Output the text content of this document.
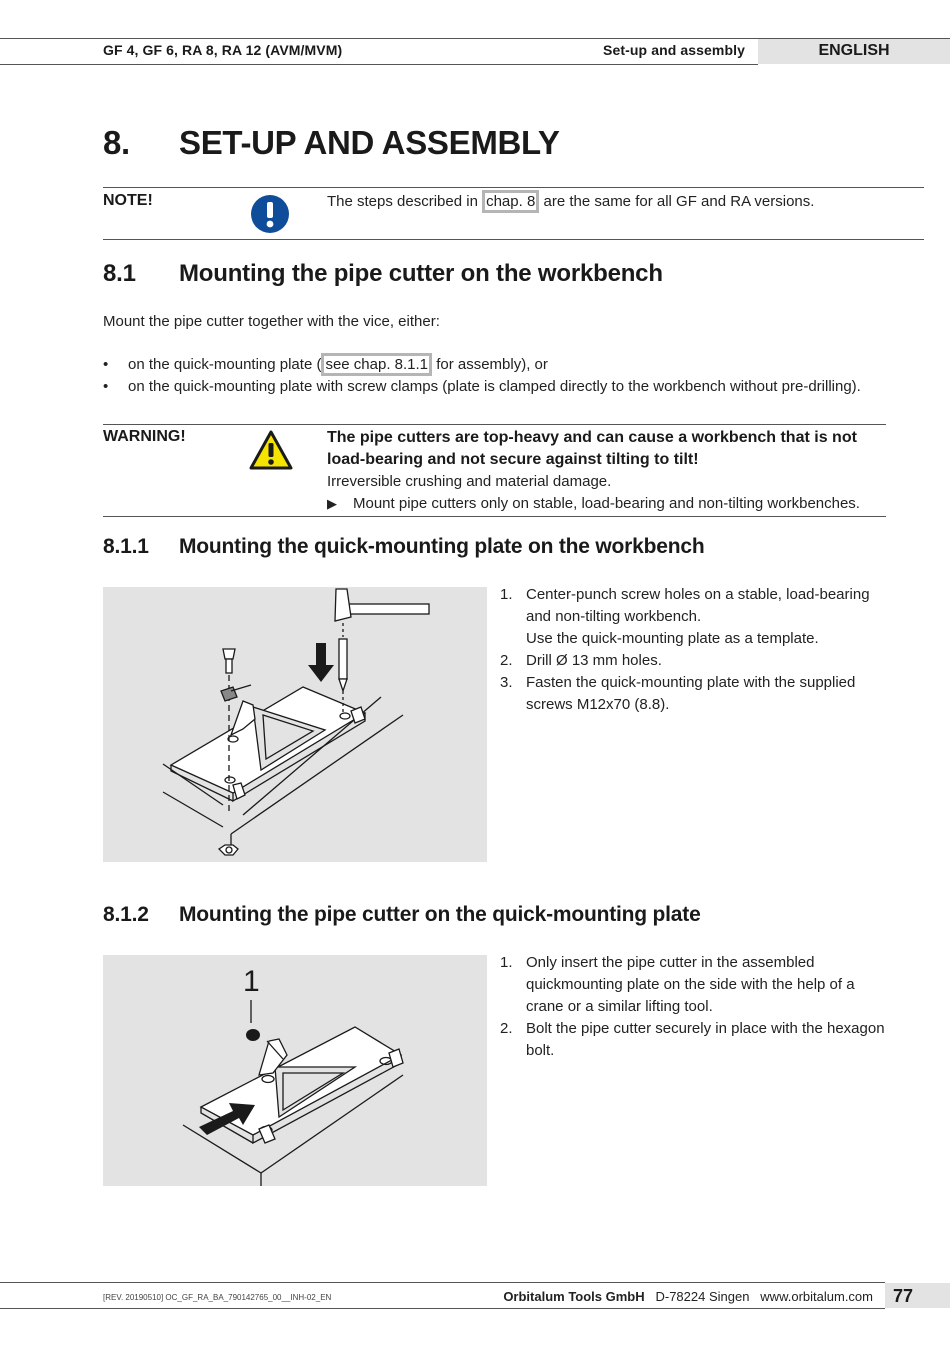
GF 4, GF 6, RA 8, RA 12 (AVM/MVM)	Set-up and assembly	ENGLISH
8. SET-UP AND ASSEMBLY
NOTE!	The steps described in chap. 8 are the same for all GF and RA versions.
8.1 Mounting the pipe cutter on the workbench
Mount the pipe cutter together with the vice, either:
• on the quick-mounting plate ( see chap. 8.1.1 for assembly), or
• on the quick-mounting plate with screw clamps (plate is clamped directly to the workbench without pre-drilling).
WARNING!	The pipe cutters are top-heavy and can cause a workbench that is not load-bearing and not secure against tilting to tilt!
Irreversible crushing and material damage.
▶ Mount pipe cutters only on stable, load-bearing and non-tilting workbenches.
8.1.1 Mounting the quick-mounting plate on the workbench
1. Center-punch screw holes on a stable, load-bearing and non-tilting workbench.
Use the quick-mounting plate as a template.
2. Drill Ø 13 mm holes.
3. Fasten the quick-mounting plate with the supplied screws M12x70 (8.8).
8.1.2 Mounting the pipe cutter on the quick-mounting plate
1
1. Only insert the pipe cutter in the assembled quickmounting plate on the side with the help of a crane or a similar lifting tool.
2. Bolt the pipe cutter securely in place with the hexagon bolt.
[REV. 20190510] OC_GF_RA_BA_790142765_00__INH-02_EN	Orbitalum Tools GmbH D-78224 Singen www.orbitalum.com	77
